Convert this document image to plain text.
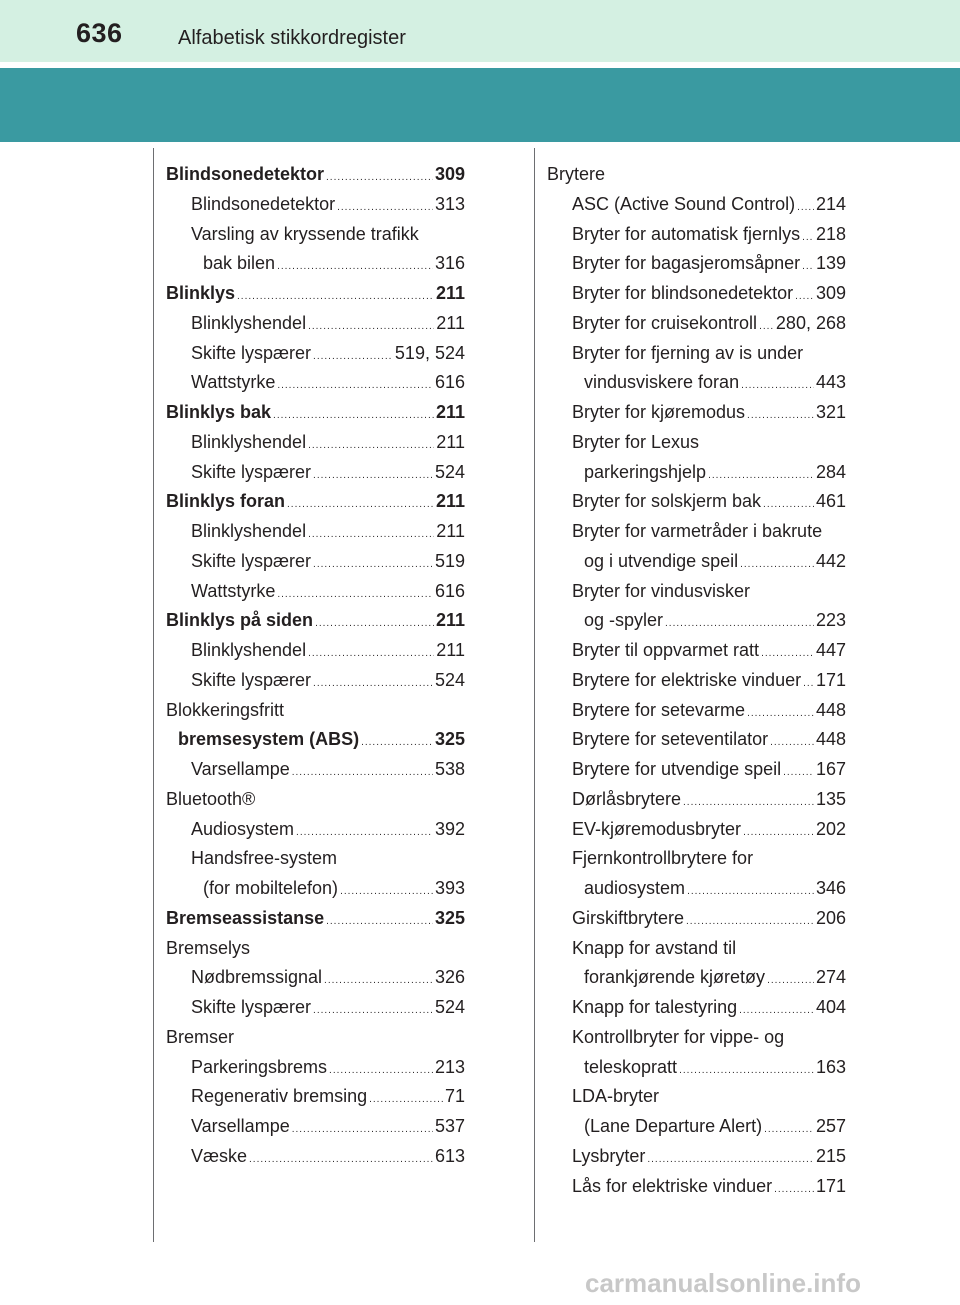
636	Alfabetisk stikkordregister
Blindsonedetektor .....	309
Blindsonedetektor .....	313
Varsling av kryssende trafikk
bak bilen .....	316
Blinklys .....	211
Blinklyshendel .....	211
Skifte lyspærer .....	519, 524
Wattstyrke .....	616
Blinklys bak .....	211
Blinklyshendel .....	211
Skifte lyspærer .....	524
Blinklys foran .....	211
Blinklyshendel .....	211
Skifte lyspærer .....	519
Wattstyrke .....	616
Blinklys på siden .....	211
Blinklyshendel .....	211
Skifte lyspærer .....	524
Blokkeringsfritt
bremsesystem (ABS) .....	325
Varsellampe .....	538
Bluetooth®
Audiosystem .....	392
Handsfree-system
(for mobiltelefon) .....	393
Bremseassistanse .....	325
Bremselys
Nødbremssignal .....	326
Skifte lyspærer .....	524
Bremser
Parkeringsbrems .....	213
Regenerativ bremsing .....	71
Varsellampe .....	537
Væske .....	613
Brytere
ASC (Active Sound Control) ..... 214
Bryter for automatisk fjernlys ..... 218
Bryter for bagasjeromsåpner ..... 139
Bryter for blindsonedetektor ..... 309
Bryter for cruisekontroll ..... 280, 268
Bryter for fjerning av is under
vindusviskere foran .....	443
Bryter for kjøremodus .....	321
Bryter for Lexus
parkeringshjelp .....	284
Bryter for solskjerm bak .....	461
Bryter for varmetråder i bakrute
og i utvendige speil .....	442
Bryter for vindusvisker
og -spyler .....	223
Bryter til oppvarmet ratt .....	447
Brytere for elektriske vinduer ..... 171
Brytere for setevarme .....	448
Brytere for seteventilator .....	448
Brytere for utvendige speil ..... 167
Dørlåsbrytere .....	135
EV-kjøremodusbryter .....	202
Fjernkontrollbrytere for
audiosystem .....	346
Girskiftbrytere .....	206
Knapp for avstand til
forankjørende kjøretøy .....	274
Knapp for talestyring .....	404
Kontrollbryter for vippe- og
teleskopratt .....	163
LDA-bryter
(Lane Departure Alert) .....	257
Lysbryter .....	215
Lås for elektriske vinduer ..... 171
carmanualsonline.info
